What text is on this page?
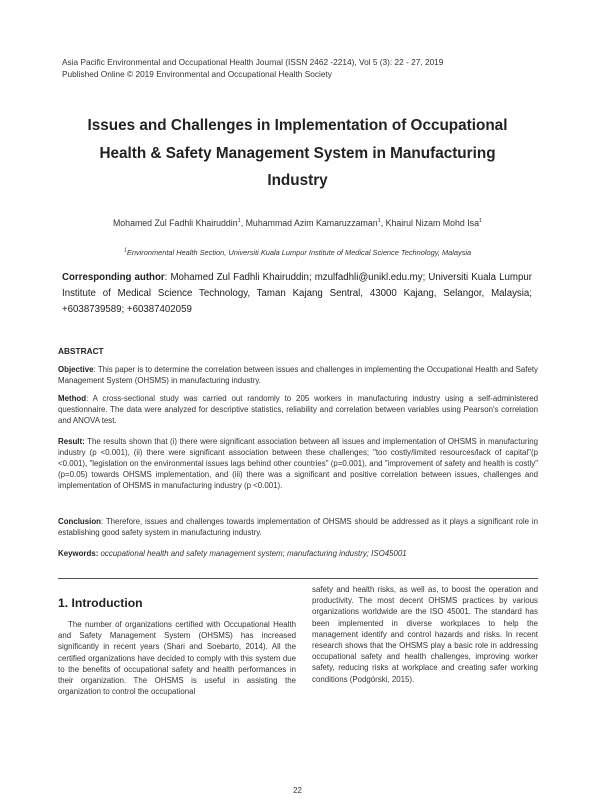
Asia Pacific Environmental and Occupational Health Journal (ISSN 2462 -2214), Vol 5 (3): 22 - 27, 2019
Published Online © 2019 Environmental and Occupational Health Society
Issues and Challenges in Implementation of Occupational
Health & Safety Management System in Manufacturing
Industry
Mohamed Zul Fadhli Khairuddin$^1$, Muhammad Azim Kamaruzzaman$^1$, Khairul Nizam Mohd Isa$^1$
$^1$Environmental Health Section, Universiti Kuala Lumpur Institute of Medical Science Technology, Malaysia
Corresponding author: Mohamed Zul Fadhli Khairuddin; mzulfadhli@unikl.edu.my; Universiti Kuala Lumpur Institute of Medical Science Technology, Taman Kajang Sentral, 43000 Kajang, Selangor, Malaysia; +6038739589; +60387402059
ABSTRACT
Objective: This paper is to determine the correlation between issues and challenges in implementing the Occupational Health and Safety Management System (OHSMS) in manufacturing industry.
Method: A cross-sectional study was carried out randomly to 205 workers in manufacturing industry using a self-administered questionnaire. The data were analyzed for descriptive statistics, reliability and correlation between variables using Pearson's correlation and ANOVA test.
Result: The results shown that (i) there were significant association between all issues and implementation of OHSMS in manufacturing industry (p <0.001), (ii) there were significant association between these challenges; "too costly/limited resources/lack of capital"(p <0.001), "legislation on the environmental issues lags behind other countries" (p=0.001), and "improvement of safety and health is costly"(p=0.05) towards OHSMS implementation, and (iii) there was a significant and positive correlation between issues, challenges and implementation of OHSMS in manufacturing industry (p <0.001).
Conclusion: Therefore, issues and challenges towards implementation of OHSMS should be addressed as it plays a significant role in establishing good safety system in manufacturing industry.
Keywords: occupational health and safety management system; manufacturing industry; ISO45001
1. Introduction
The number of organizations certified with Occupational Health and Safety Management System (OHSMS) has increased significantly in recent years (Shari and Soebarto, 2014). All the certified organizations have decided to comply with this system due to the benefits of occupational safety and health performances in their organization. The OHSMS is useful in assisting the organization to control the occupational
safety and health risks, as well as, to boost the operation and productivity. The most decent OHSMS practices by various organizations worldwide are the ISO 45001. The standard has been implemented in diverse workplaces to help the management identify and control hazards and risks. In recent research shows that the OHSMS play a basic role in addressing occupational safety and health challenges, improving worker safety, reducing risks at workplace and creating safer working conditions (Podgórski, 2015).
22
